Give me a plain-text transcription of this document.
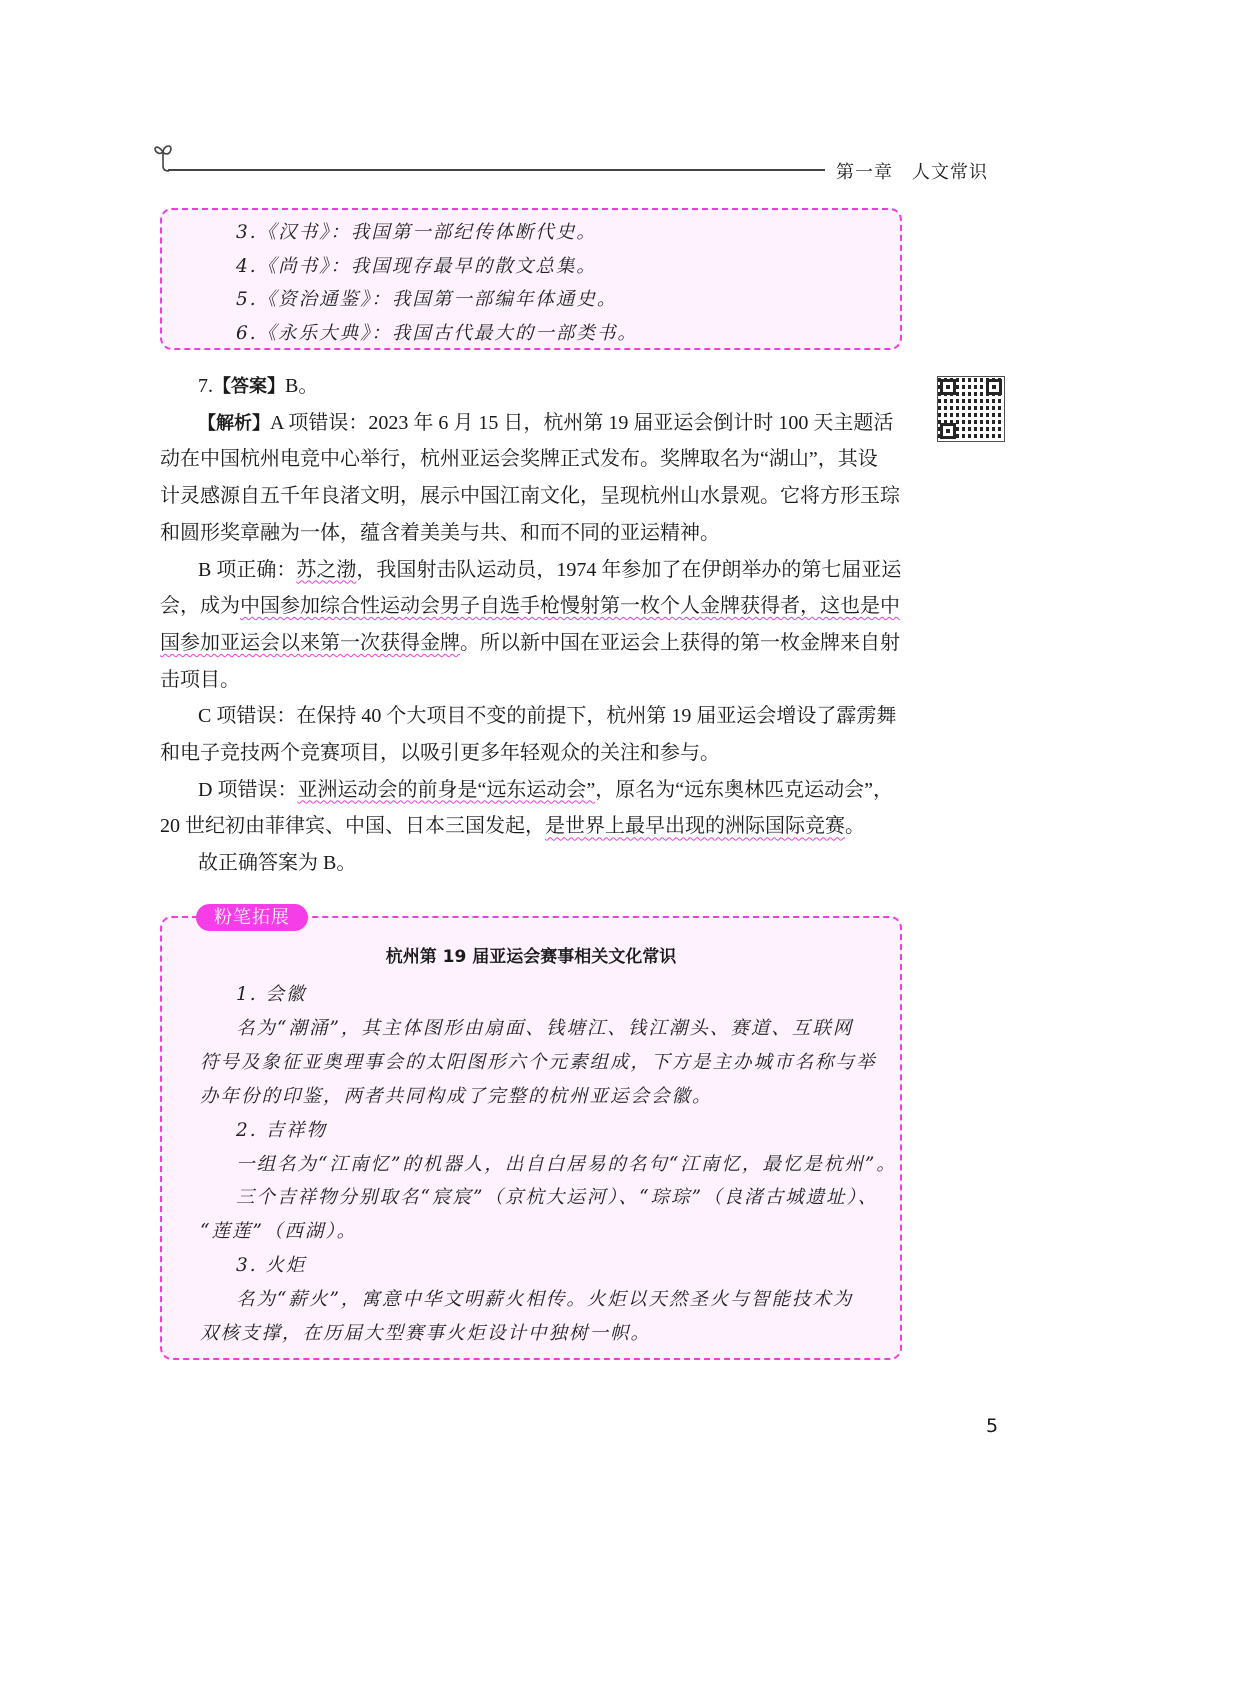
第一章　人文常识
3.《汉书》：我国第一部纪传体断代史。
4.《尚书》：我国现存最早的散文总集。
5.《资治通鉴》：我国第一部编年体通史。
6.《永乐大典》：我国古代最大的一部类书。
7.【答案】B。
【解析】A 项错误：2023 年 6 月 15 日，杭州第 19 届亚运会倒计时 100 天主题活
动在中国杭州电竞中心举行，杭州亚运会奖牌正式发布。奖牌取名为“湖山”，其设
计灵感源自五千年良渚文明，展示中国江南文化，呈现杭州山水景观。它将方形玉琮
和圆形奖章融为一体，蕴含着美美与共、和而不同的亚运精神。
B 项正确：苏之渤，我国射击队运动员，1974 年参加了在伊朗举办的第七届亚运
会，成为中国参加综合性运动会男子自选手枪慢射第一枚个人金牌获得者，这也是中
国参加亚运会以来第一次获得金牌。所以新中国在亚运会上获得的第一枚金牌来自射
击项目。
C 项错误：在保持 40 个大项目不变的前提下，杭州第 19 届亚运会增设了霹雳舞
和电子竞技两个竞赛项目，以吸引更多年轻观众的关注和参与。
D 项错误：亚洲运动会的前身是“远东运动会”，原名为“远东奥林匹克运动会”，
20 世纪初由菲律宾、中国、日本三国发起，是世界上最早出现的洲际国际竞赛。
故正确答案为 B。
粉笔拓展
杭州第 19 届亚运会赛事相关文化常识
1. 会徽
名为“潮涌”，其主体图形由扇面、钱塘江、钱江潮头、赛道、互联网
符号及象征亚奥理事会的太阳图形六个元素组成，下方是主办城市名称与举
办年份的印鉴，两者共同构成了完整的杭州亚运会会徽。
2. 吉祥物
一组名为“江南忆”的机器人，出自白居易的名句“江南忆，最忆是杭州”。
三个吉祥物分别取名“宸宸”（京杭大运河）、“琮琮”（良渚古城遗址）、
“莲莲”（西湖）。
3. 火炬
名为“薪火”，寓意中华文明薪火相传。火炬以天然圣火与智能技术为
双核支撑，在历届大型赛事火炬设计中独树一帜。
5
